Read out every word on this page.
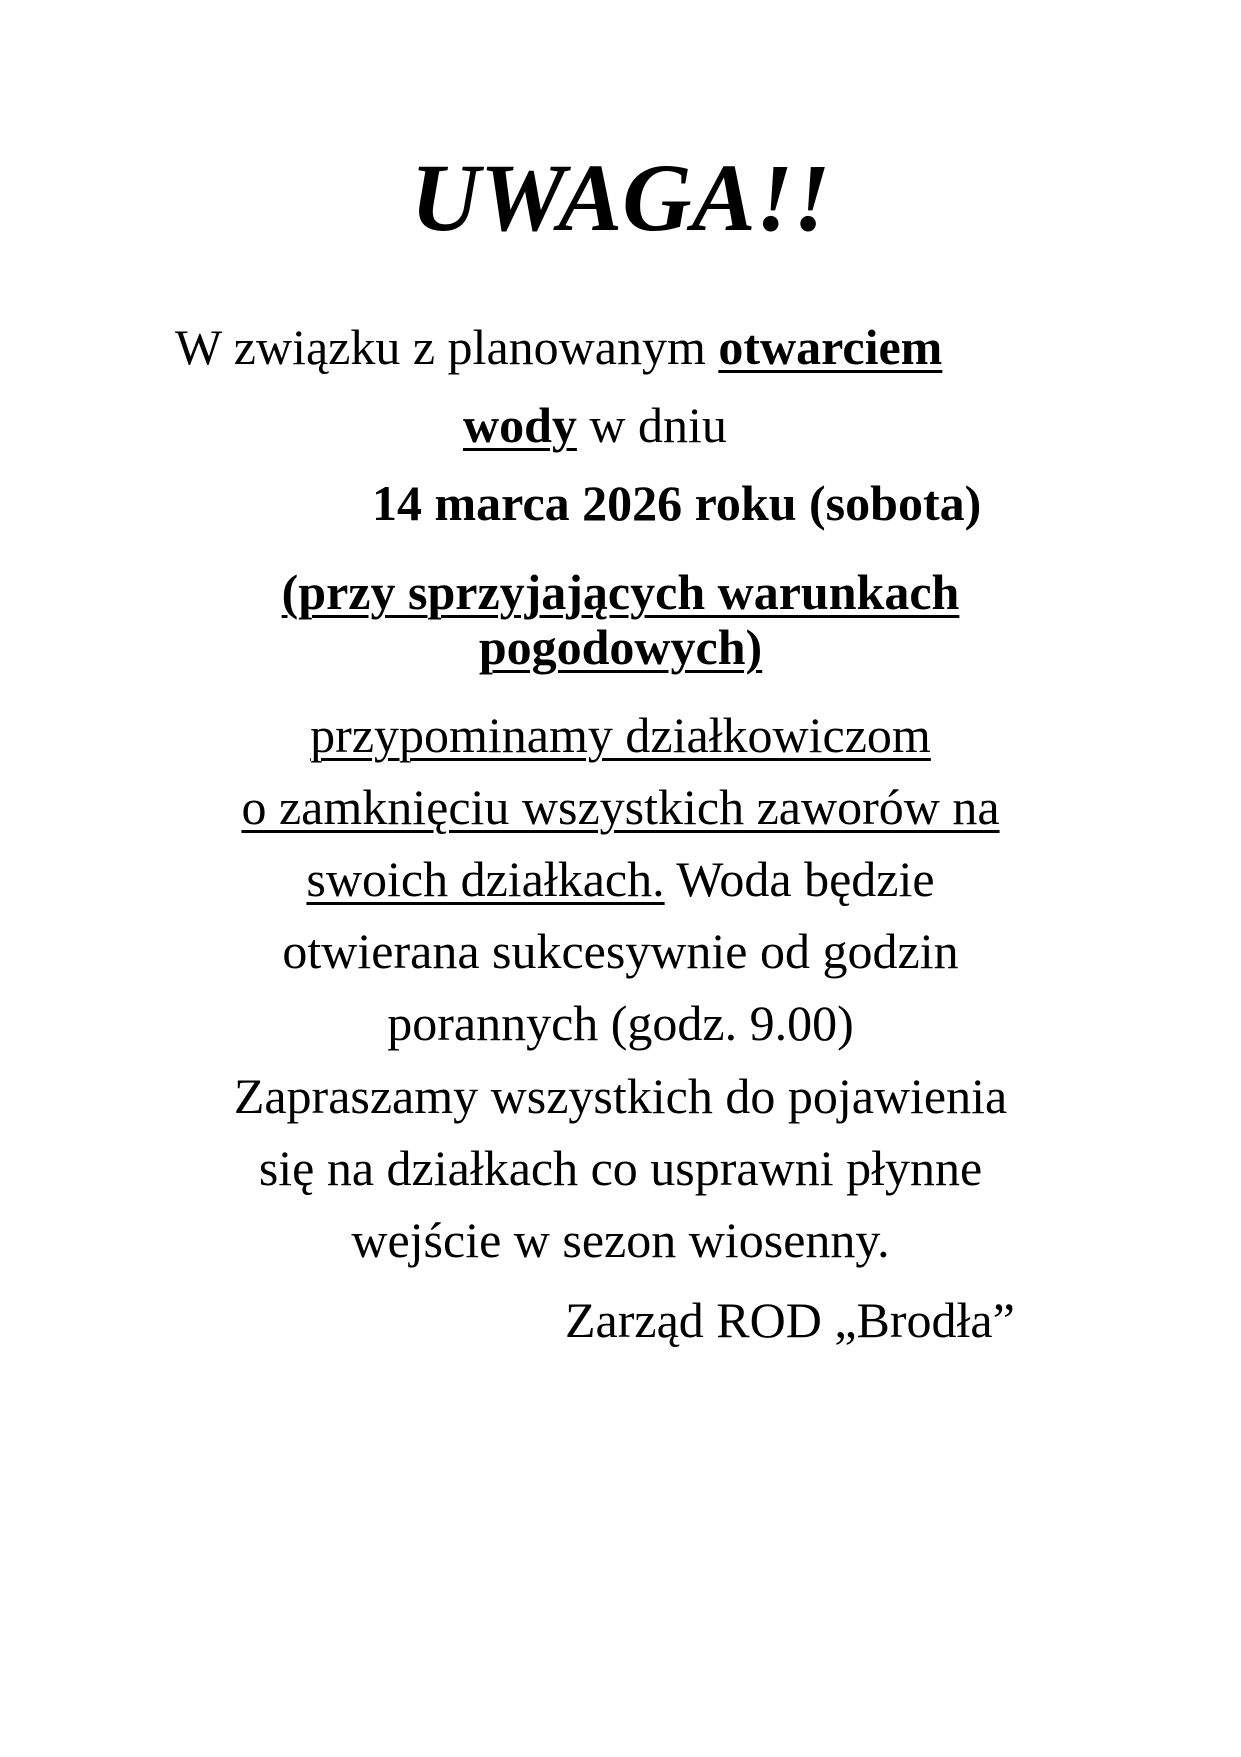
UWAGA!!
W związku z planowanym otwarciem
wody w dniu
14 marca 2026 roku (sobota)
(przy sprzyjających warunkach
pogodowych)
przypominamy działkowiczom
o zamknięciu wszystkich zaworów na
swoich działkach. Woda będzie
otwierana sukcesywnie od godzin
porannych (godz. 9.00)
Zapraszamy wszystkich do pojawienia
się na działkach co usprawni płynne
wejście w sezon wiosenny.
Zarząd ROD „Brodła”
